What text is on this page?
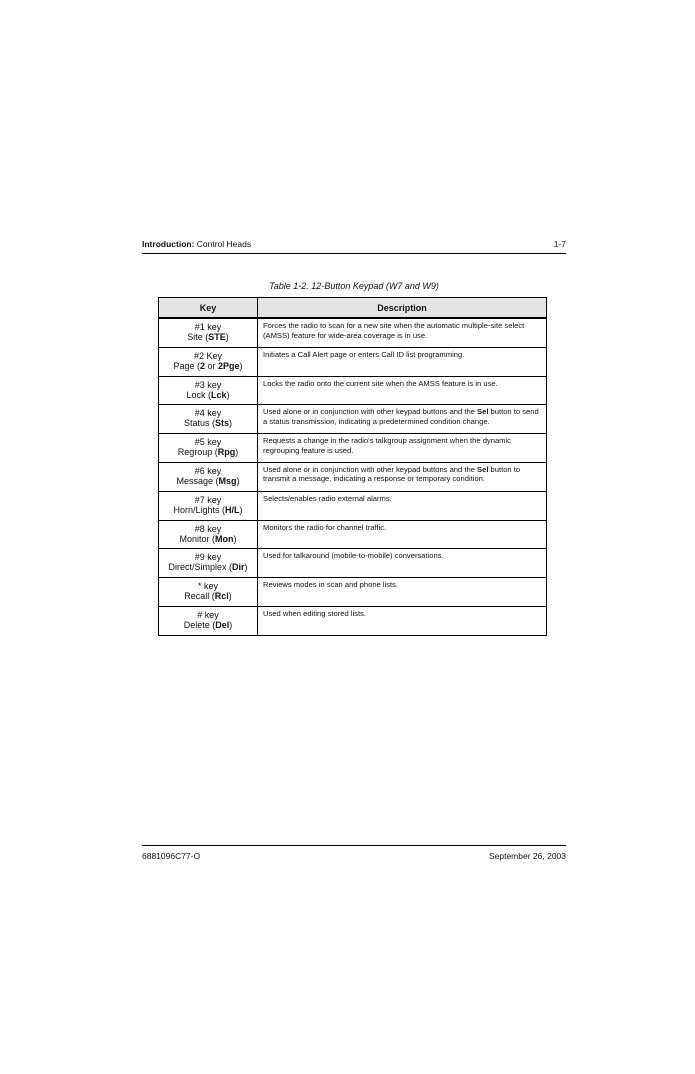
Introduction: Control Heads	1-7
Table 1-2. 12-Button Keypad (W7 and W9)
Key	Description

#1 key
Site (STE)	Forces the radio to scan for a new site when the automatic multiple-site select (AMSS) feature for wide-area coverage is in use.

#2 Key
Page (2 or 2Pge)	Initiates a Call Alert page or enters Call ID list programming.

#3 key
Lock (Lck)	Locks the radio onto the current site when the AMSS feature is in use.

#4 key
Status (Sts)	Used alone or in conjunction with other keypad buttons and the Sel button to send a status transmission, indicating a predetermined condition change.

#5 key
Regroup (Rpg)	Requests a change in the radio's talkgroup assignment when the dynamic regrouping feature is used.

#6 key
Message (Msg)	Used alone or in conjunction with other keypad buttons and the Sel button to transmit a message, indicating a response or temporary condition.

#7 key
Horn/Lights (H/L)	Selects/enables radio external alarms.

#8 key
Monitor (Mon)	Monitors the radio for channel traffic.

#9 key
Direct/Simplex (Dir)	Used for talkaround (mobile-to-mobile) conversations.

* key
Recall (Rcl)	Reviews modes in scan and phone lists.

# key
Delete (Del)	Used when editing stored lists.
6881096C77-O	September 26, 2003
